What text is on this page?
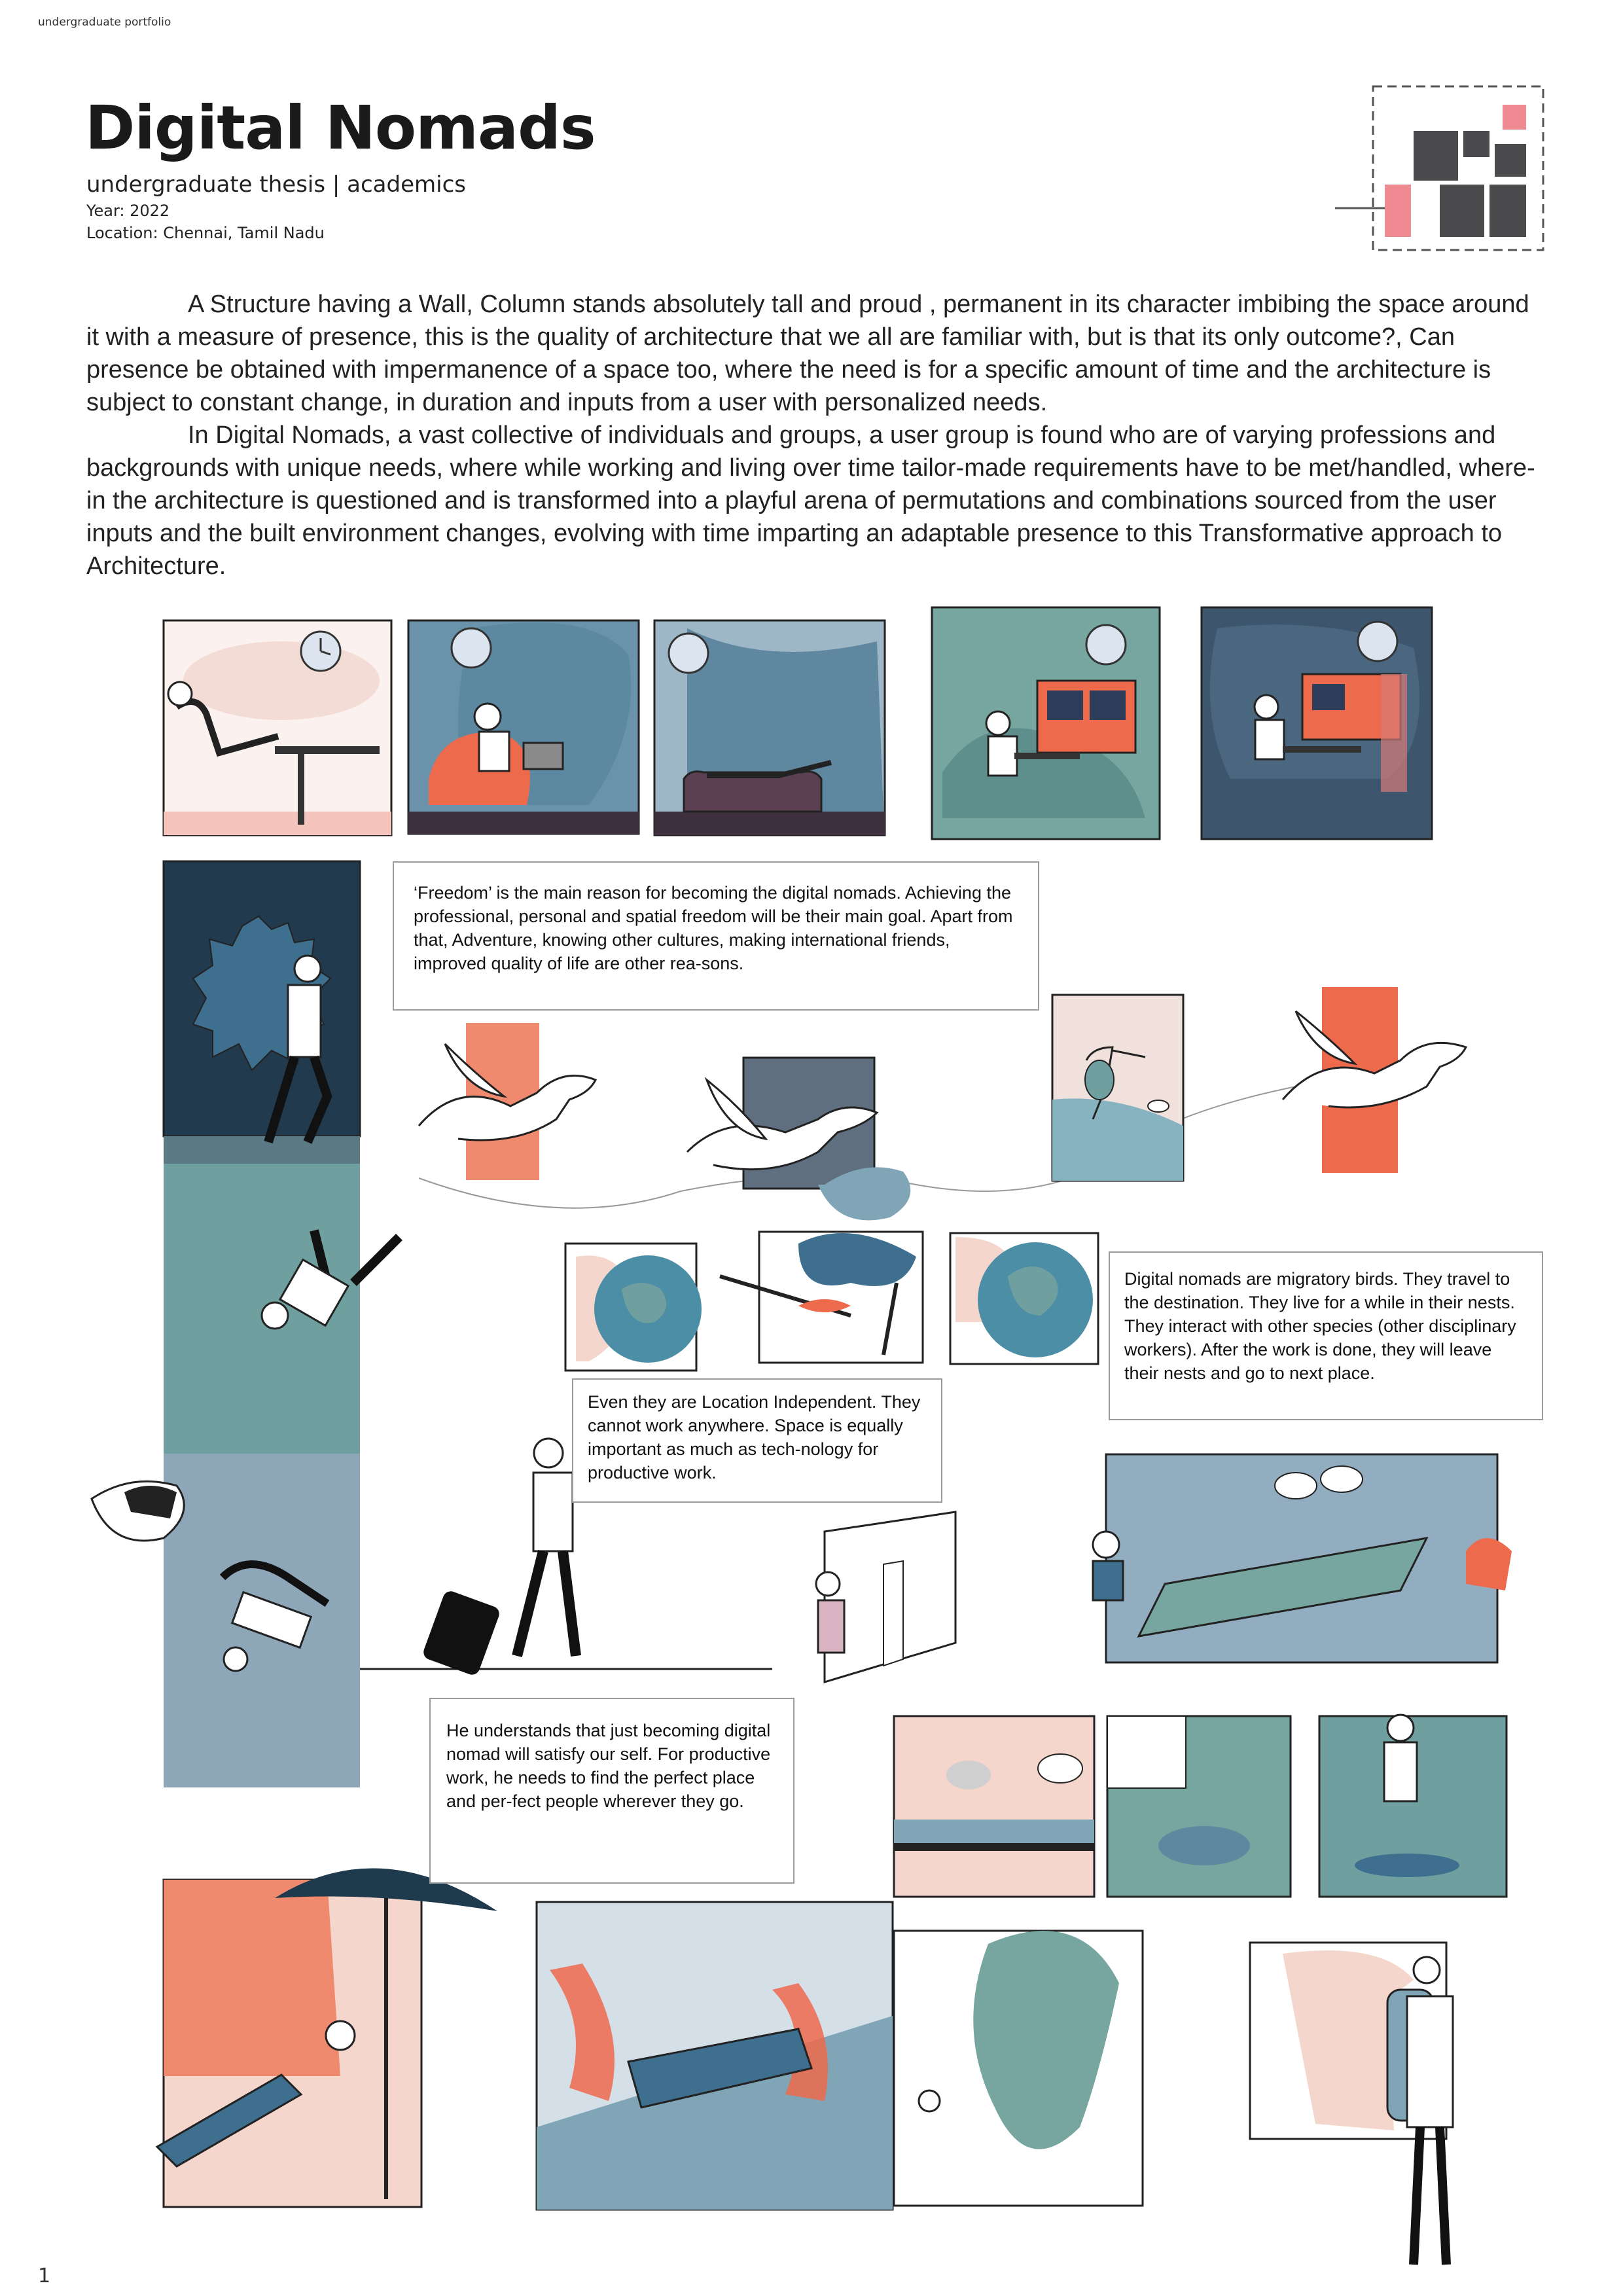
undergraduate portfolio
Digital Nomads
undergraduate thesis | academics
Year: 2022
Location: Chennai, Tamil Nadu

A Structure having a Wall, Column stands absolutely tall and proud , permanent in its character imbibing the space around it with a measure of presence, this is the quality of architecture that we all are familiar with, but is that its only outcome?, Can presence be obtained with impermanence of a space too, where the need is for a specific amount of time and the architecture is subject to constant change, in duration and inputs from a user with personalized needs.

In Digital Nomads, a vast collective of individuals and groups, a user group is found who are of varying professions and backgrounds with unique needs, where while working and living over time tailor-made requirements have to be met/handled, where-in the architecture is questioned and is transformed into a playful arena of permutations and combinations sourced from the user inputs and the built environment changes, evolving with time imparting an adaptable presence to this Transformative approach to Architecture.

‘Freedom’ is the main reason for becoming the digital nomads. Achieving the professional, personal and spatial freedom will be their main goal. Apart from that, Adventure, knowing other cultures, making international friends, improved quality of life are other rea-sons.
Digital nomads are migratory birds. They travel to the destination. They live for a while in their nests. They interact with other species (other disciplinary workers). After the work is done, they will leave their nests and go to next place.
Even they are Location Independent. They cannot work anywhere. Space is equally important as much as tech-nology for productive work.
He understands that just becoming digital nomad will satisfy our self. For productive work, he needs to find the perfect place and per-fect people wherever they go.
1
